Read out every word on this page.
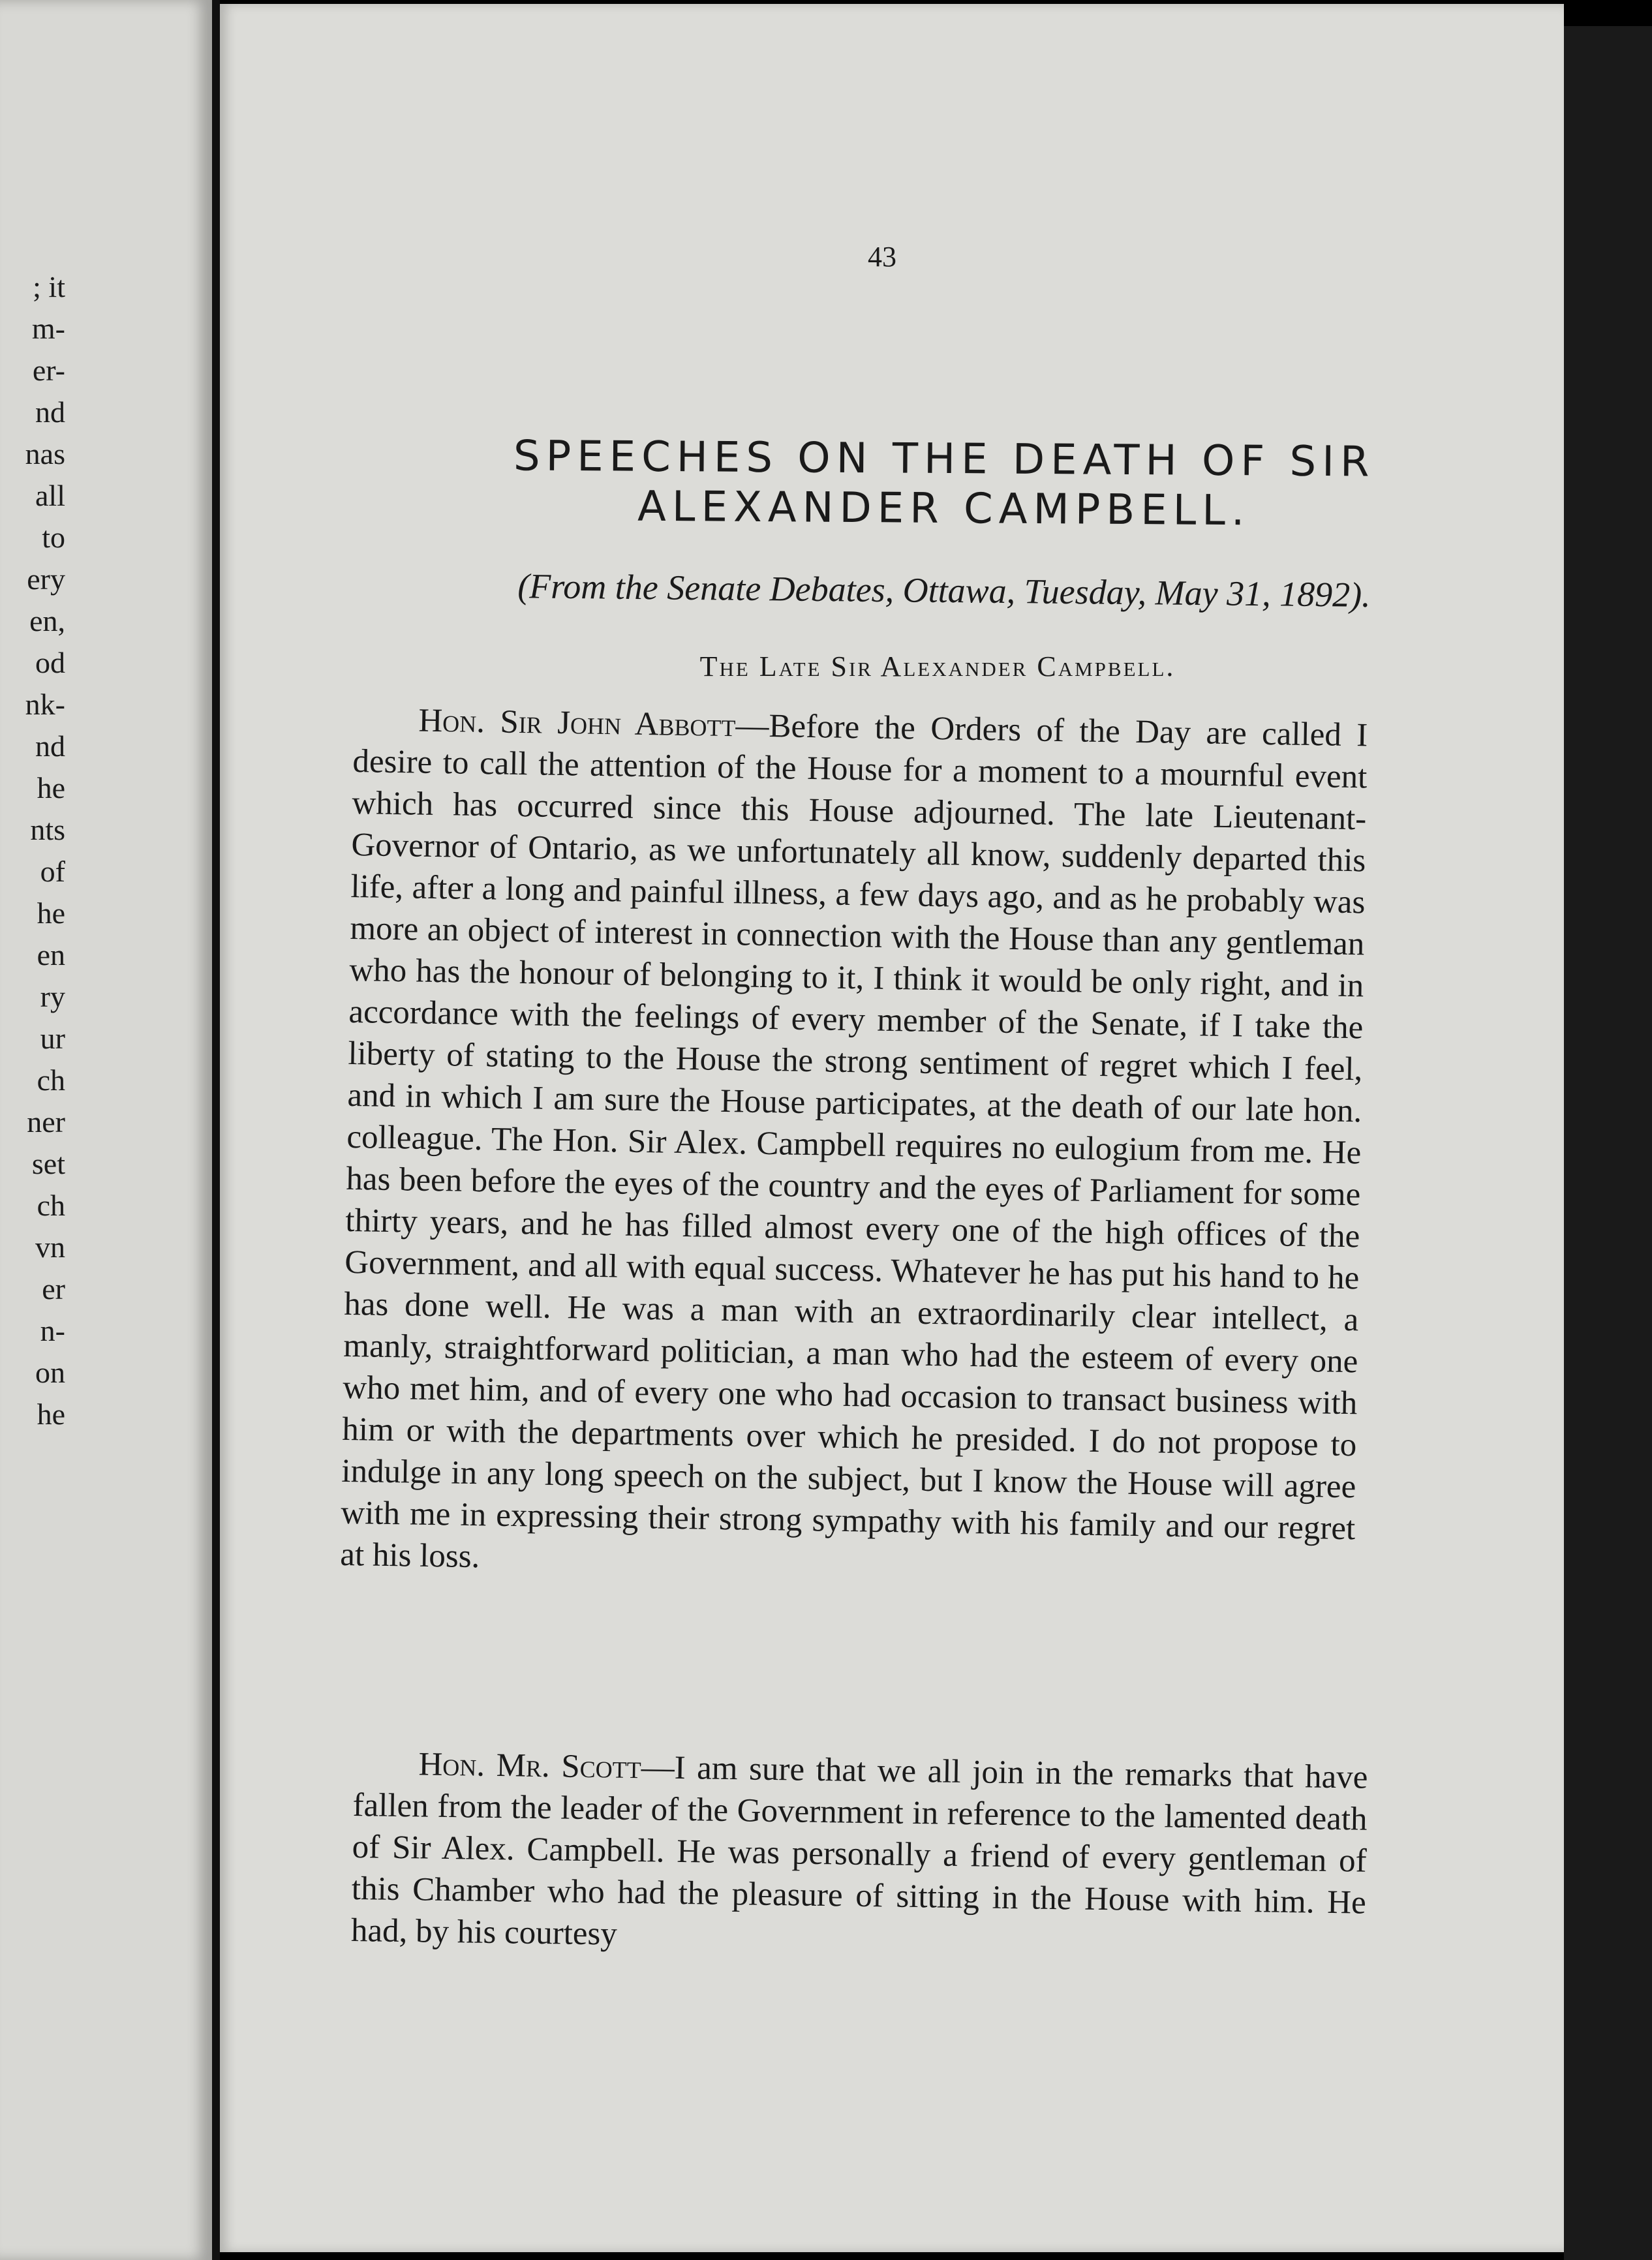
; it
m-
er-
nd
nas
all
to
ery
en,
od
nk-
nd
he
nts
of
he
en
ry
ur
ch
ner
set
ch
vn
er
n-
on
he
43
SPEECHES ON THE DEATH OF SIR
ALEXANDER CAMPBELL.
(From the Senate Debates, Ottawa, Tuesday, May 31, 1892).
The Late Sir Alexander Campbell.

Hon. Sir John Abbott—Before the Orders of the Day are called I desire to call the attention of the House for a moment to a mournful event which has occurred since this House adjourned. The late Lieutenant-Governor of Ontario, as we unfortunately all know, suddenly departed this life, after a long and painful illness, a few days ago, and as he probably was more an object of interest in connection with the House than any gentleman who has the honour of belonging to it, I think it would be only right, and in accordance with the feelings of every member of the Senate, if I take the liberty of stating to the House the strong sentiment of regret which I feel, and in which I am sure the House participates, at the death of our late hon. colleague. The Hon. Sir Alex. Campbell requires no eulogium from me. He has been before the eyes of the country and the eyes of Parliament for some thirty years, and he has filled almost every one of the high offices of the Government, and all with equal success. Whatever he has put his hand to he has done well. He was a man with an extraordinarily clear intellect, a manly, straightforward politician, a man who had the esteem of every one who met him, and of every one who had occasion to transact business with him or with the departments over which he presided. I do not propose to indulge in any long speech on the subject, but I know the House will agree with me in expressing their strong sympathy with his family and our regret at his loss.

Hon. Mr. Scott—I am sure that we all join in the remarks that have fallen from the leader of the Government in reference to the lamented death of Sir Alex. Campbell. He was personally a friend of every gentleman of this Chamber who had the pleasure of sitting in the House with him. He had, by his courtesy
